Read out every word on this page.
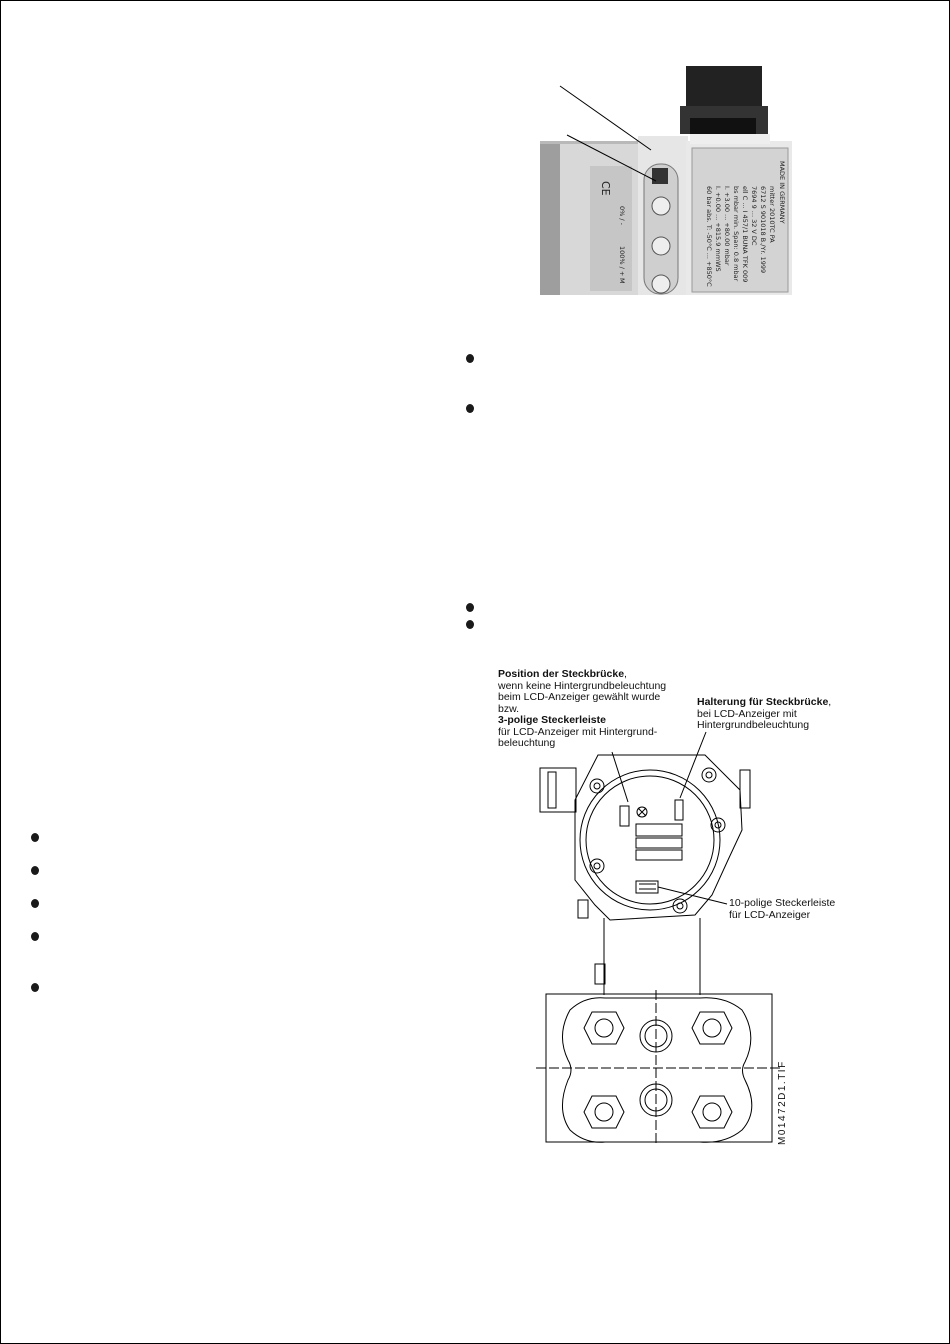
MADE IN GERMANY
mitter 2010TC PA
6712 S 901018 B./Yr. 1999
7694 9 ... 32 V DC
ell C ... I 457/1 BUNA TFK 009
bs mbar min. Span: 0.8 mbar
I. +3.00 ... +80.00 mbar
I. +0.00 ... +815.9 mmWS
60 bar abs. T: -50°C ... +850°C
CE
0% / -
100% / +
M
Position der Steckbrücke,
wenn keine Hintergrundbeleuchtung
beim LCD-Anzeiger gewählt wurde
bzw.
3-polige Steckerleiste
für LCD-Anzeiger mit Hintergrund-
beleuchtung
Halterung für Steckbrücke,
bei LCD-Anzeiger mit
Hintergrundbeleuchtung
10-polige Steckerleiste
für LCD-Anzeiger
M01472D1.TIF
